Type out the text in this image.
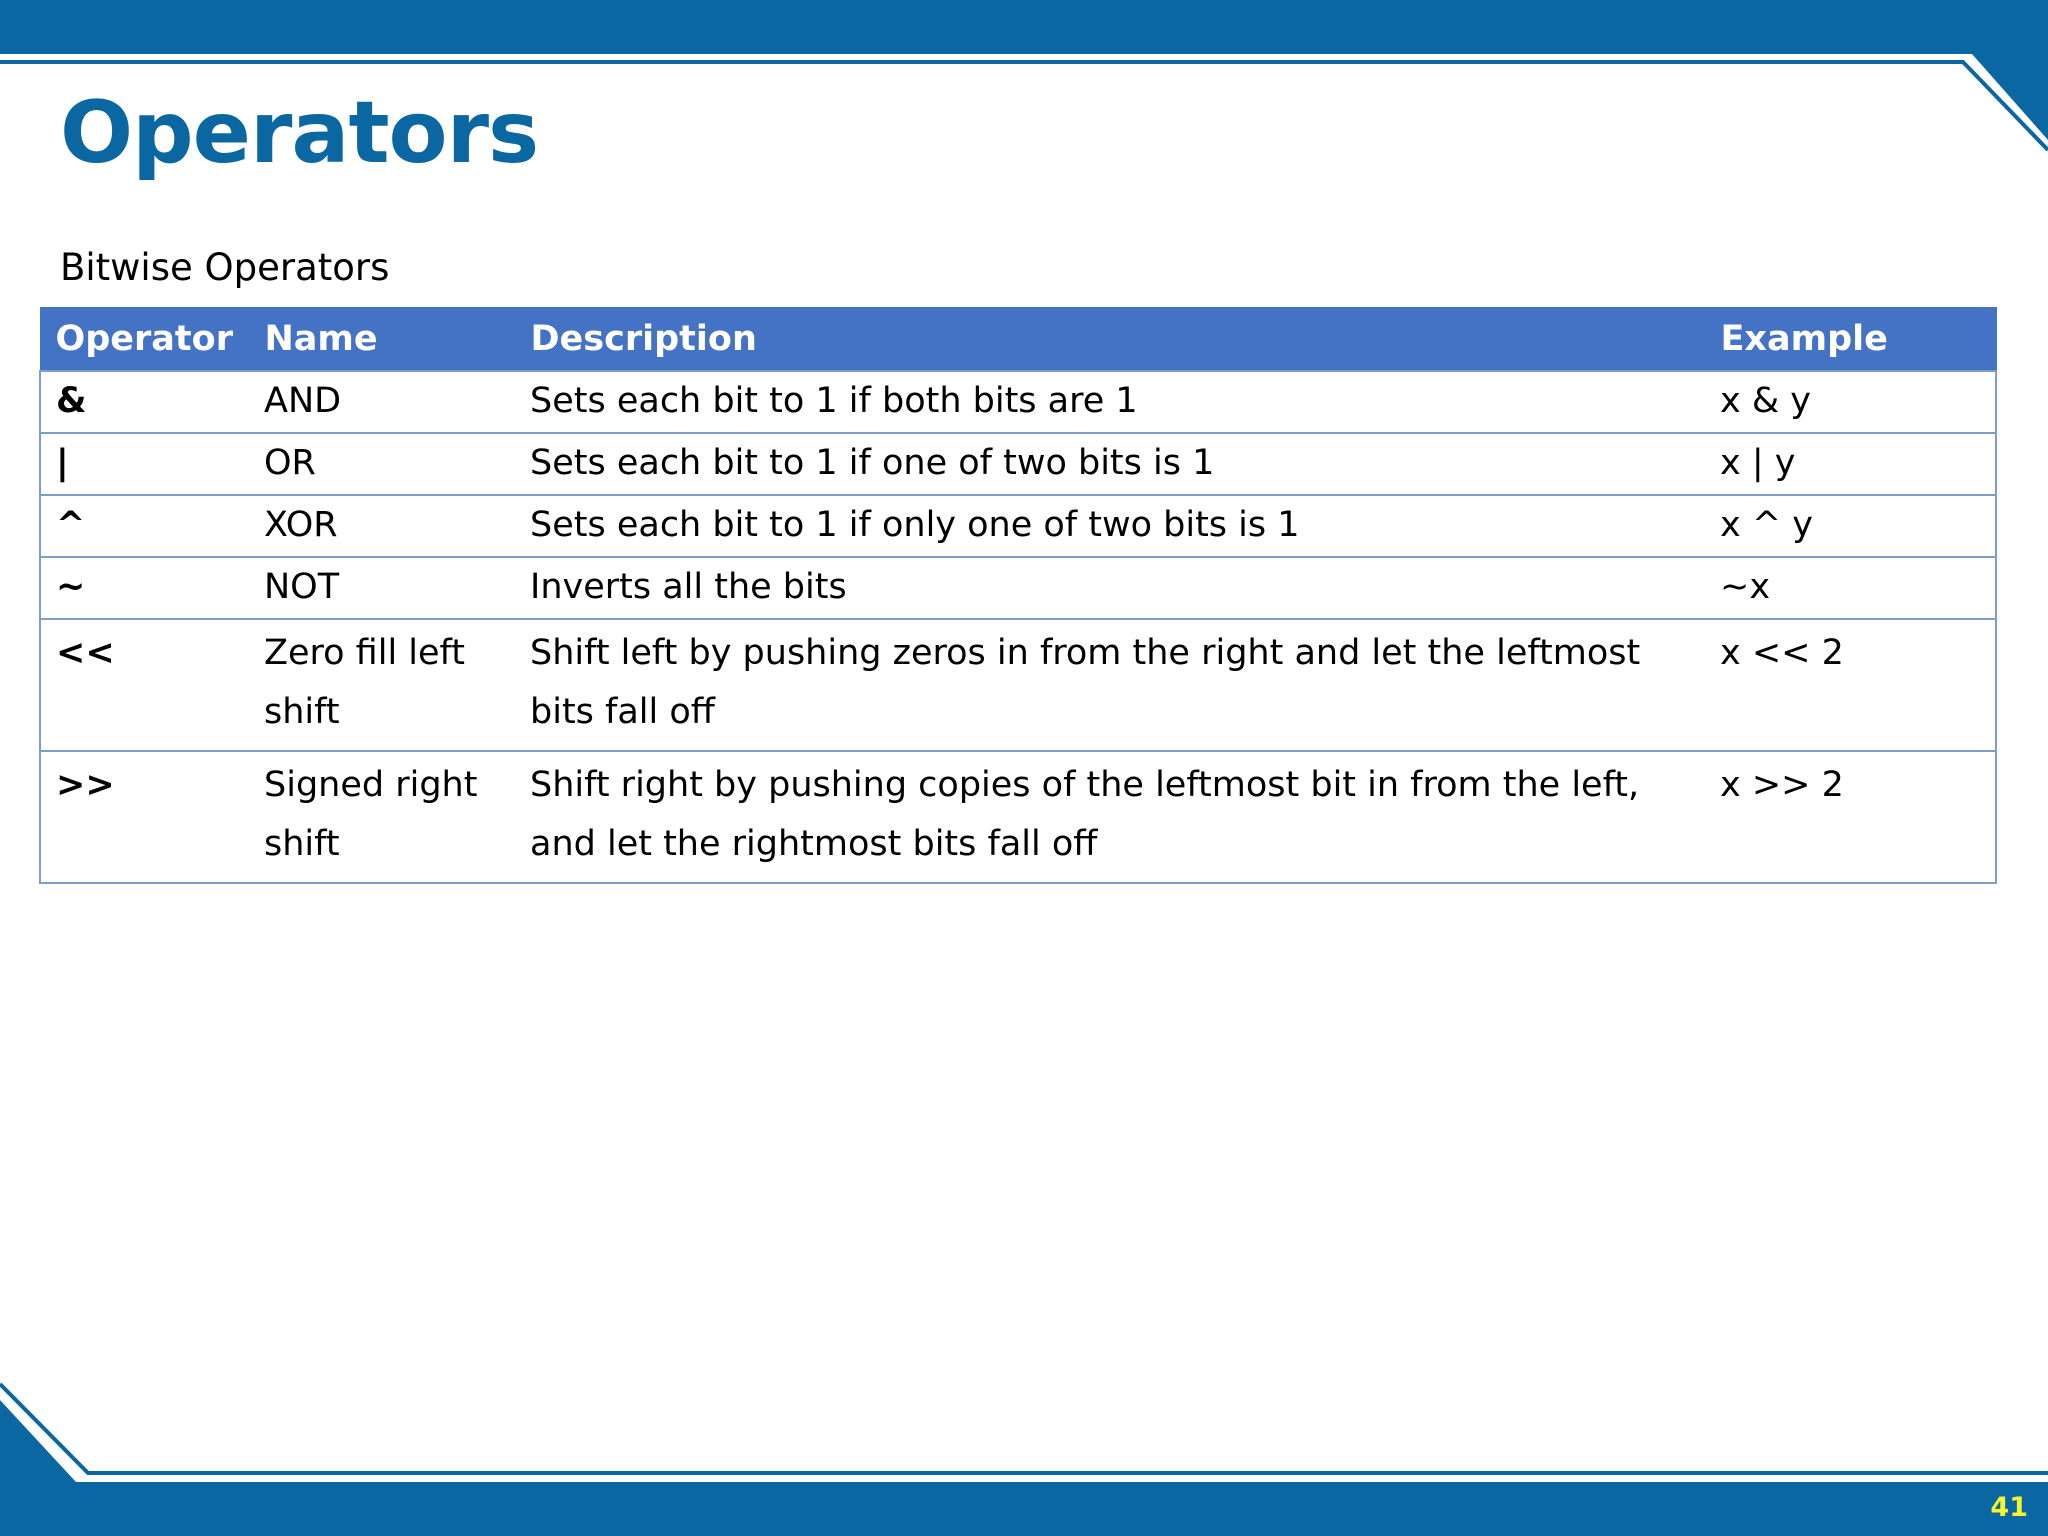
Operators
Bitwise Operators
Operator	Name	Description	Example
&	AND	Sets each bit to 1 if both bits are 1	x & y
|	OR	Sets each bit to 1 if one of two bits is 1	x | y
^	XOR	Sets each bit to 1 if only one of two bits is 1	x ^ y
~	NOT	Inverts all the bits	~x
<<	Zero fill left shift	Shift left by pushing zeros in from the right and let the leftmost bits fall off	x << 2
>>	Signed right shift	Shift right by pushing copies of the leftmost bit in from the left, and let the rightmost bits fall off	x >> 2
41
